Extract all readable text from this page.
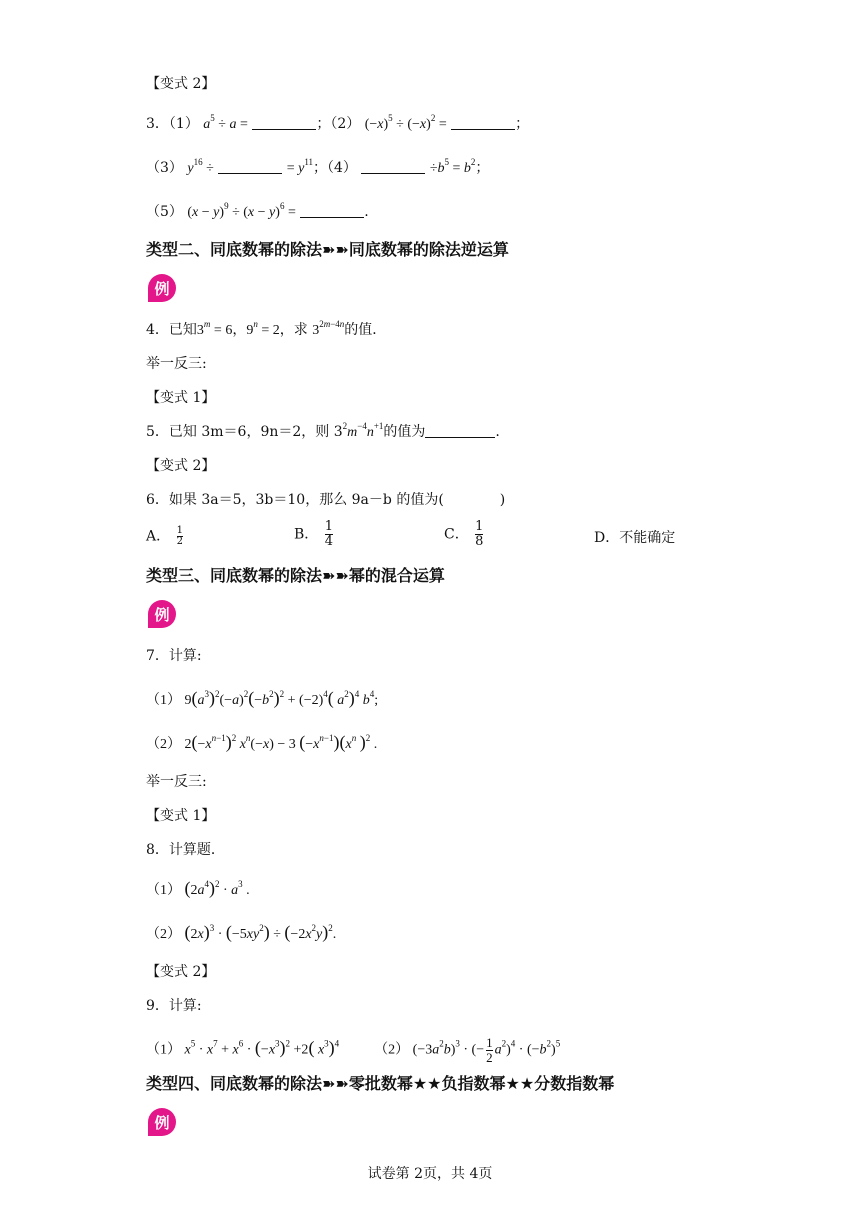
【变式 2】
3．（1） $a^5 \div a$ =	；（2） $(-x)^5 \div (-x)^2$ =	；
（3） $y^{16}$ ÷	= $y^{11}$；（4）	$\div b^5 = b^2$；
（5） $(x - y)^9 \div (x - y)^6$ =	.
类型二、同底数幂的除法➽➽同底数幂的除法逆运算
例
4．已知$3^m = 6$，$9^n = 2$，求 $3^{2m-4n}$的值．
举一反三:
【变式 1】
5．已知 3m＝6，9n＝2，则 $3^2m^{-4}n^{+1}$的值为	.
【变式 2】
6．如果 3a＝5，3b＝10，那么 9a－b 的值为(　　　　)
A． $\frac{1}{2}$	B． $\frac{1}{4}$	C． $\frac{1}{8}$	D．不能确定
类型三、同底数幂的除法➽➽幂的混合运算
例
7．计算:
（1） $9(a^3)^2(-a)^2(-b^2)^2 + (-2)^4$( $a^2)^4$ $b^4$;
（2） $2(-x^{n-1})^2$ $x^n(-x) - 3$ $(-x^{n-1})(x^n$ )$^2$ .
举一反三:
【变式 1】
8．计算题．
（1） $(2a^4)^2 \cdot a^3$ .
（2） $(2x)^3 \cdot (-5xy^2) \div (-2x^2y)^2$.
【变式 2】
9．计算:
（1） $x^5 \cdot x^7 + x^6 \cdot (-x^3)^2 +2$( $x^3)^4$  （2） $(-3a^2b)^3$ · (− $\frac{1}{2} a^2)^4 \cdot (-b^2)^5$
类型四、同底数幂的除法➽➽零批数幂★★负指数幂★★分数指数幂
例
试卷第 2页，共 4页
